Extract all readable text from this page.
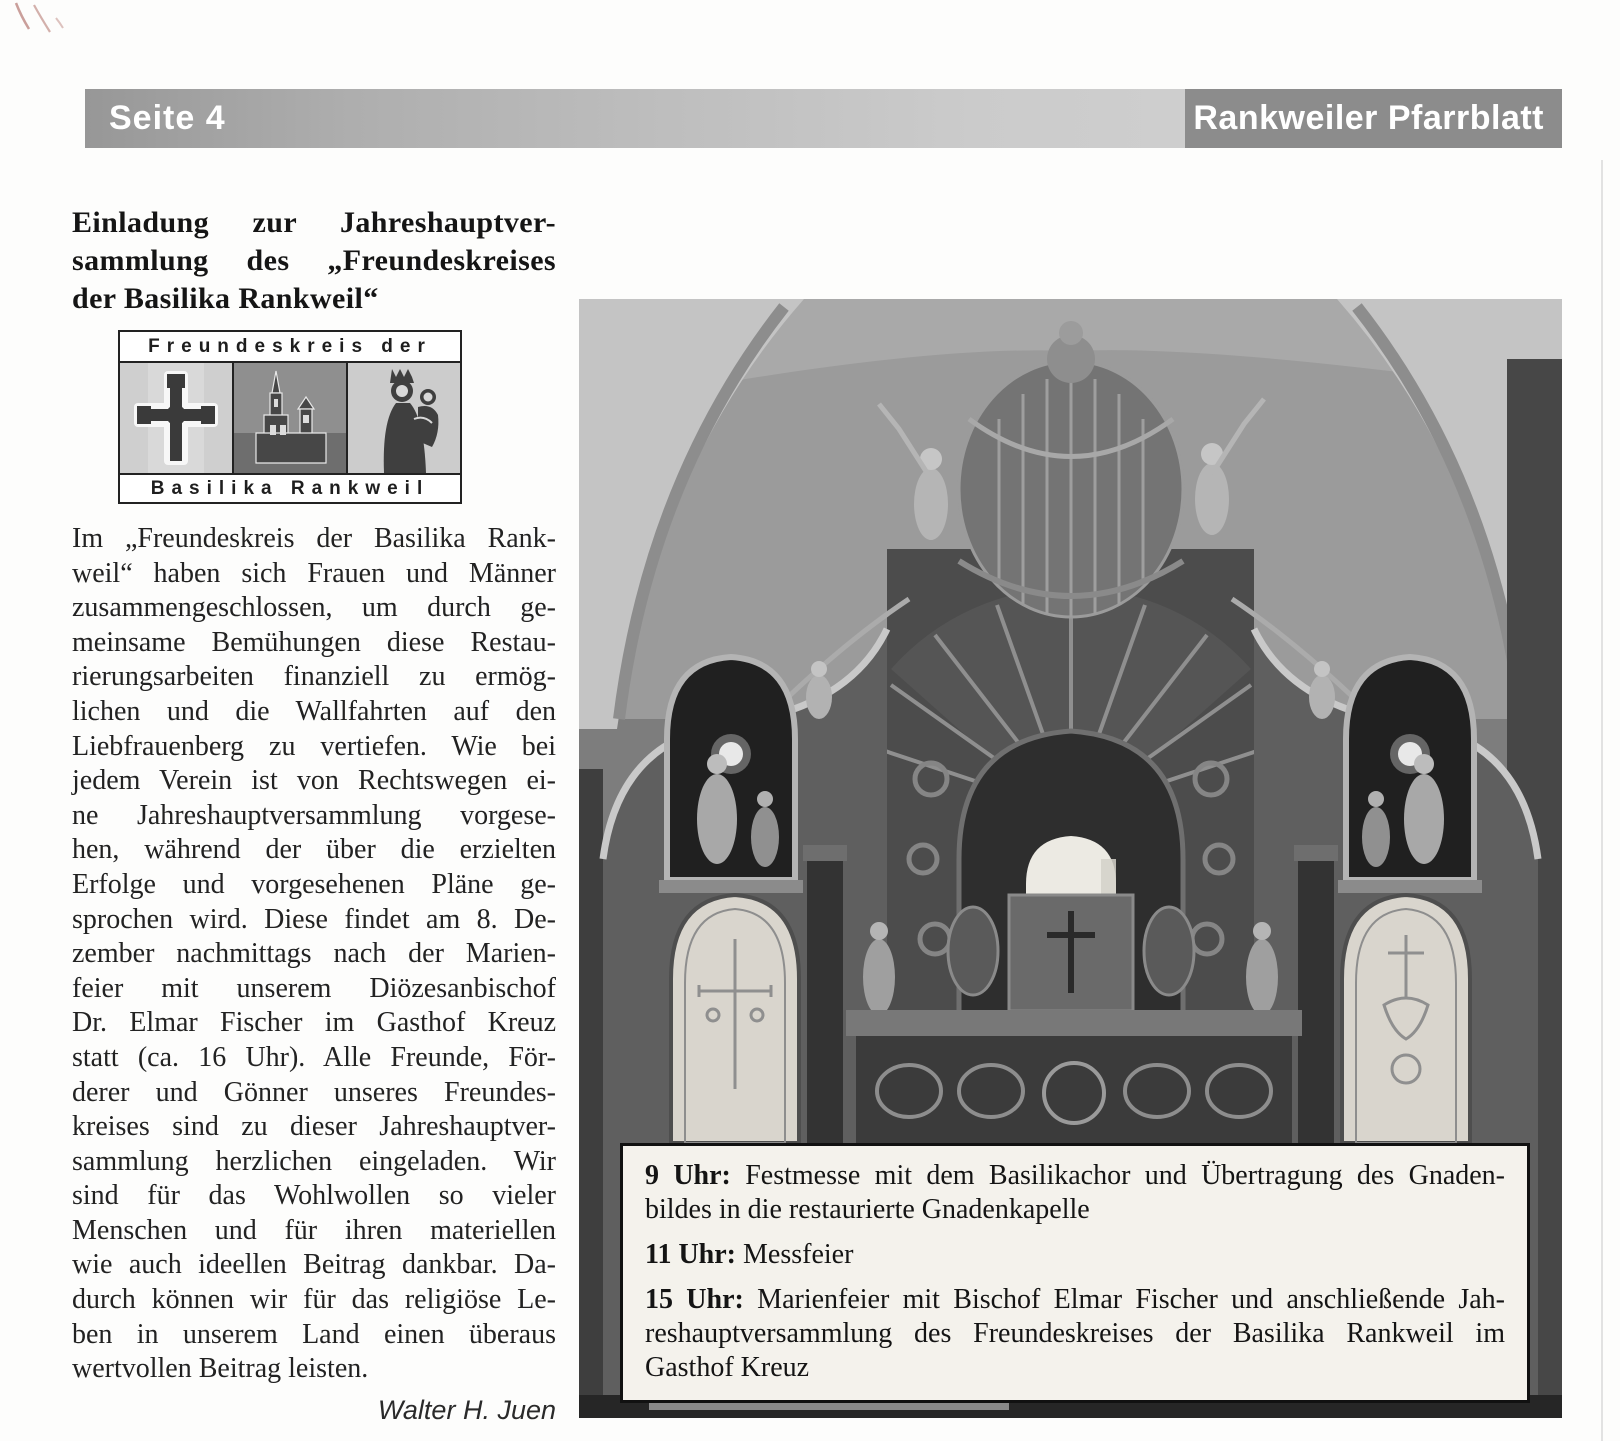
Seite 4	Rankweiler Pfarrblatt
Einladung zur Jahreshauptver-
sammlung des „Freundeskreises
der Basilika Rankweil“
Freundeskreis der
Basilika Rankweil
Im „Freundeskreis der Basilika Rank-
weil“ haben sich Frauen und Männer
zusammengeschlossen, um durch ge-
meinsame Bemühungen diese Restau-
rierungsarbeiten finanziell zu ermög-
lichen und die Wallfahrten auf den
Liebfrauenberg zu vertiefen. Wie bei
jedem Verein ist von Rechtswegen ei-
ne Jahreshauptversammlung vorgese-
hen, während der über die erzielten
Erfolge und vorgesehenen Pläne ge-
sprochen wird. Diese findet am 8. De-
zember nachmittags nach der Marien-
feier mit unserem Diözesanbischof
Dr. Elmar Fischer im Gasthof Kreuz
statt (ca. 16 Uhr). Alle Freunde, För-
derer und Gönner unseres Freundes-
kreises sind zu dieser Jahreshauptver-
sammlung herzlichen eingeladen. Wir
sind für das Wohlwollen so vieler
Menschen und für ihren materiellen
wie auch ideellen Beitrag dankbar. Da-
durch können wir für das religiöse Le-
ben in unserem Land einen überaus
wertvollen Beitrag leisten.
Walter H. Juen
9 Uhr: Festmesse mit dem Basilikachor und Übertragung des Gnaden-
bildes in die restaurierte Gnadenkapelle
11 Uhr: Messfeier
15 Uhr: Marienfeier mit Bischof Elmar Fischer und anschließende Jah-
reshauptversammlung des Freundeskreises der Basilika Rankweil im
Gasthof Kreuz
